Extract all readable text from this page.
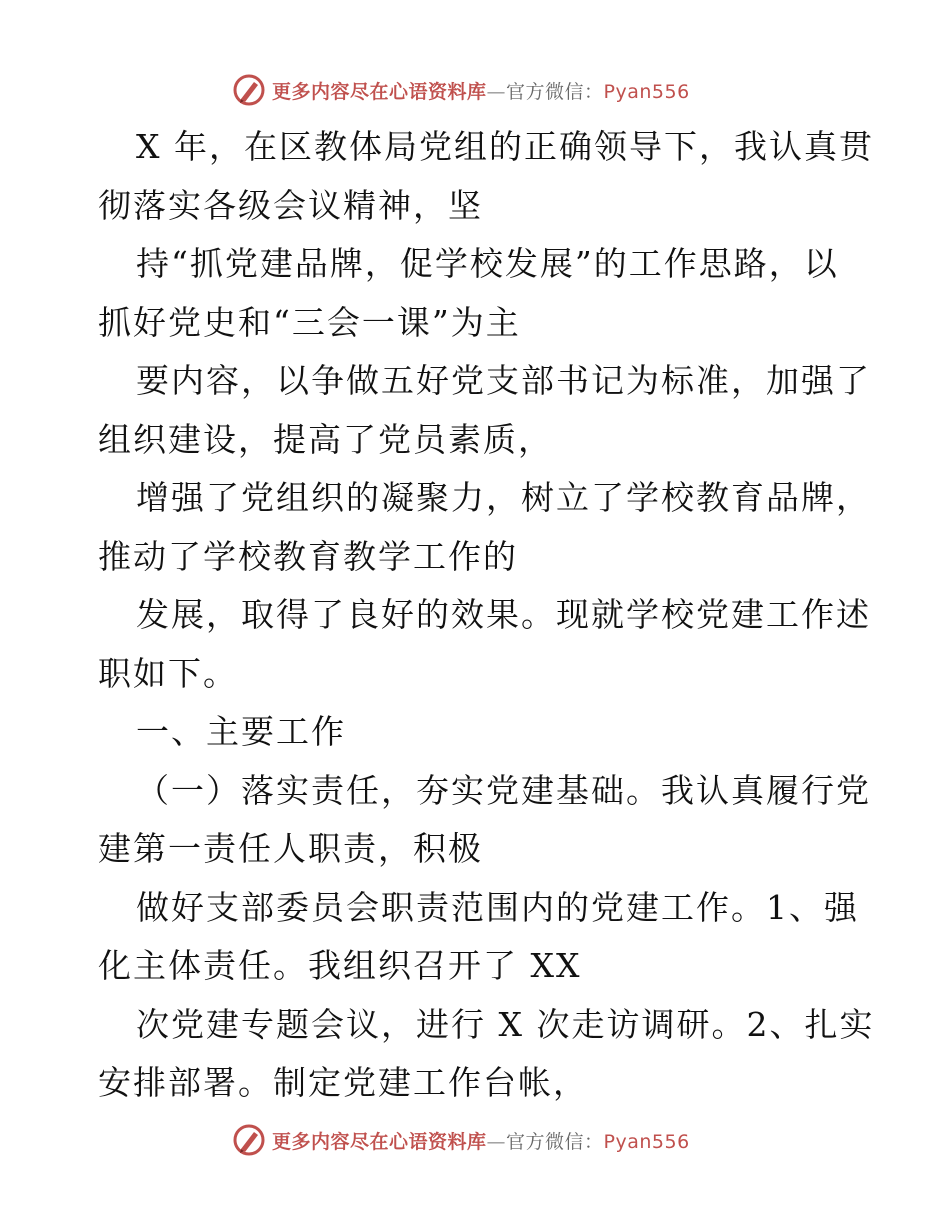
更多内容尽在心语资料库—官方微信：Pyan556
X 年，在区教体局党组的正确领导下，我认真贯
彻落实各级会议精神，坚
持“抓党建品牌，促学校发展”的工作思路，以
抓好党史和“三会一课”为主
要内容，以争做五好党支部书记为标准，加强了
组织建设，提高了党员素质，
增强了党组织的凝聚力，树立了学校教育品牌，
推动了学校教育教学工作的
发展，取得了良好的效果。现就学校党建工作述
职如下。
一、主要工作
（一）落实责任，夯实党建基础。我认真履行党
建第一责任人职责，积极
做好支部委员会职责范围内的党建工作。1、强
化主体责任。我组织召开了 XX
次党建专题会议，进行 X 次走访调研。2、扎实
安排部署。制定党建工作台帐，
更多内容尽在心语资料库—官方微信：Pyan556
